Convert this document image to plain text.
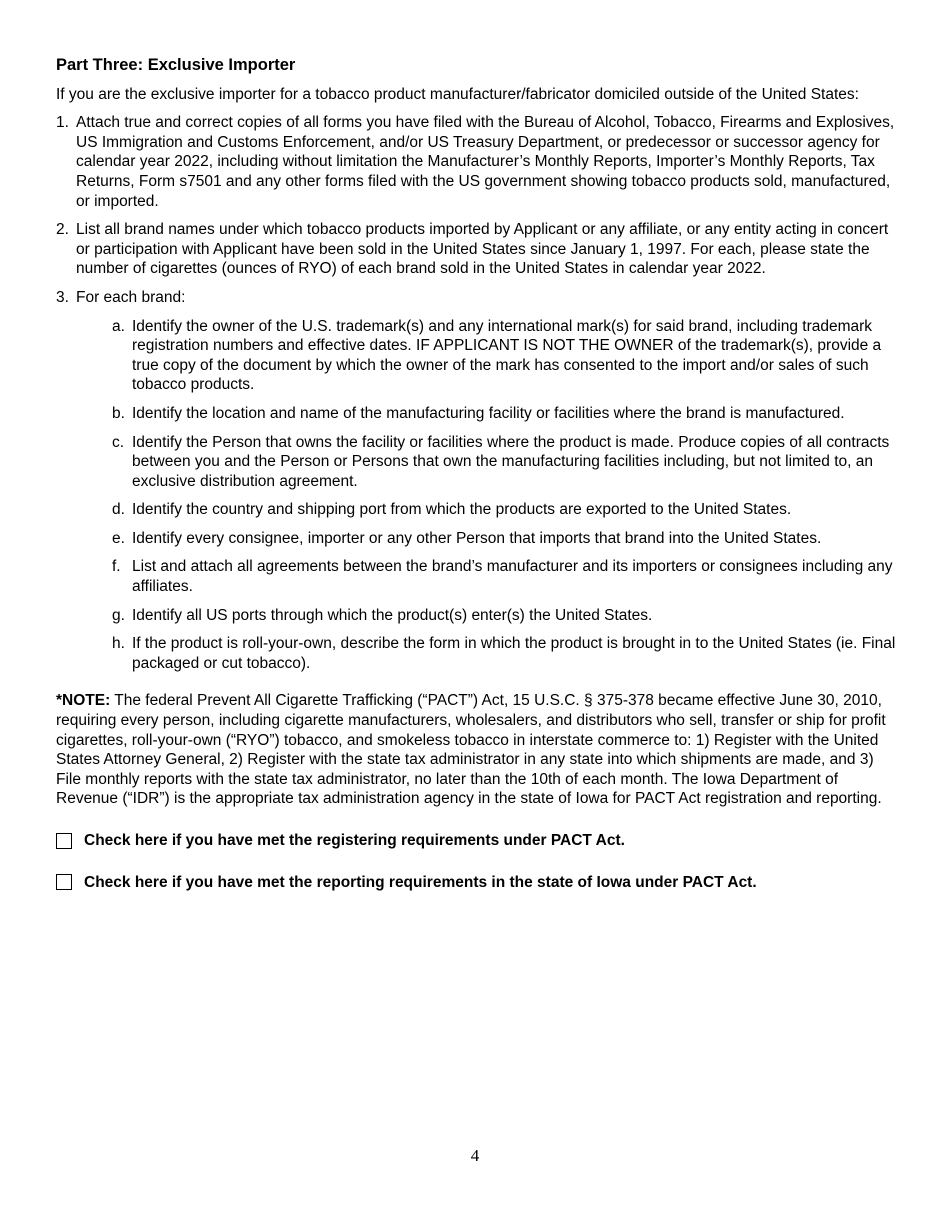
Part Three: Exclusive Importer
If you are the exclusive importer for a tobacco product manufacturer/fabricator domiciled outside of the United States:
1. Attach true and correct copies of all forms you have filed with the Bureau of Alcohol, Tobacco, Firearms and Explosives, US Immigration and Customs Enforcement, and/or US Treasury Department, or predecessor or successor agency for calendar year 2022, including without limitation the Manufacturer’s Monthly Reports, Importer’s Monthly Reports, Tax Returns, Form s7501 and any other forms filed with the US government showing tobacco products sold, manufactured, or imported.
2. List all brand names under which tobacco products imported by Applicant or any affiliate, or any entity acting in concert or participation with Applicant have been sold in the United States since January 1, 1997. For each, please state the number of cigarettes (ounces of RYO) of each brand sold in the United States in calendar year 2022.
3. For each brand:
a. Identify the owner of the U.S. trademark(s) and any international mark(s) for said brand, including trademark registration numbers and effective dates. IF APPLICANT IS NOT THE OWNER of the trademark(s), provide a true copy of the document by which the owner of the mark has consented to the import and/or sales of such tobacco products.
b. Identify the location and name of the manufacturing facility or facilities where the brand is manufactured.
c. Identify the Person that owns the facility or facilities where the product is made. Produce copies of all contracts between you and the Person or Persons that own the manufacturing facilities including, but not limited to, an exclusive distribution agreement.
d. Identify the country and shipping port from which the products are exported to the United States.
e. Identify every consignee, importer or any other Person that imports that brand into the United States.
f. List and attach all agreements between the brand’s manufacturer and its importers or consignees including any affiliates.
g. Identify all US ports through which the product(s) enter(s) the United States.
h. If the product is roll-your-own, describe the form in which the product is brought in to the United States (ie. Final packaged or cut tobacco).
*NOTE: The federal Prevent All Cigarette Trafficking (“PACT”) Act, 15 U.S.C. § 375-378 became effective June 30, 2010, requiring every person, including cigarette manufacturers, wholesalers, and distributors who sell, transfer or ship for profit cigarettes, roll-your-own (“RYO”) tobacco, and smokeless tobacco in interstate commerce to: 1) Register with the United States Attorney General, 2) Register with the state tax administrator in any state into which shipments are made, and 3) File monthly reports with the state tax administrator, no later than the 10th of each month. The Iowa Department of Revenue (“IDR”) is the appropriate tax administration agency in the state of Iowa for PACT Act registration and reporting.
Check here if you have met the registering requirements under PACT Act.
Check here if you have met the reporting requirements in the state of Iowa under PACT Act.
4
